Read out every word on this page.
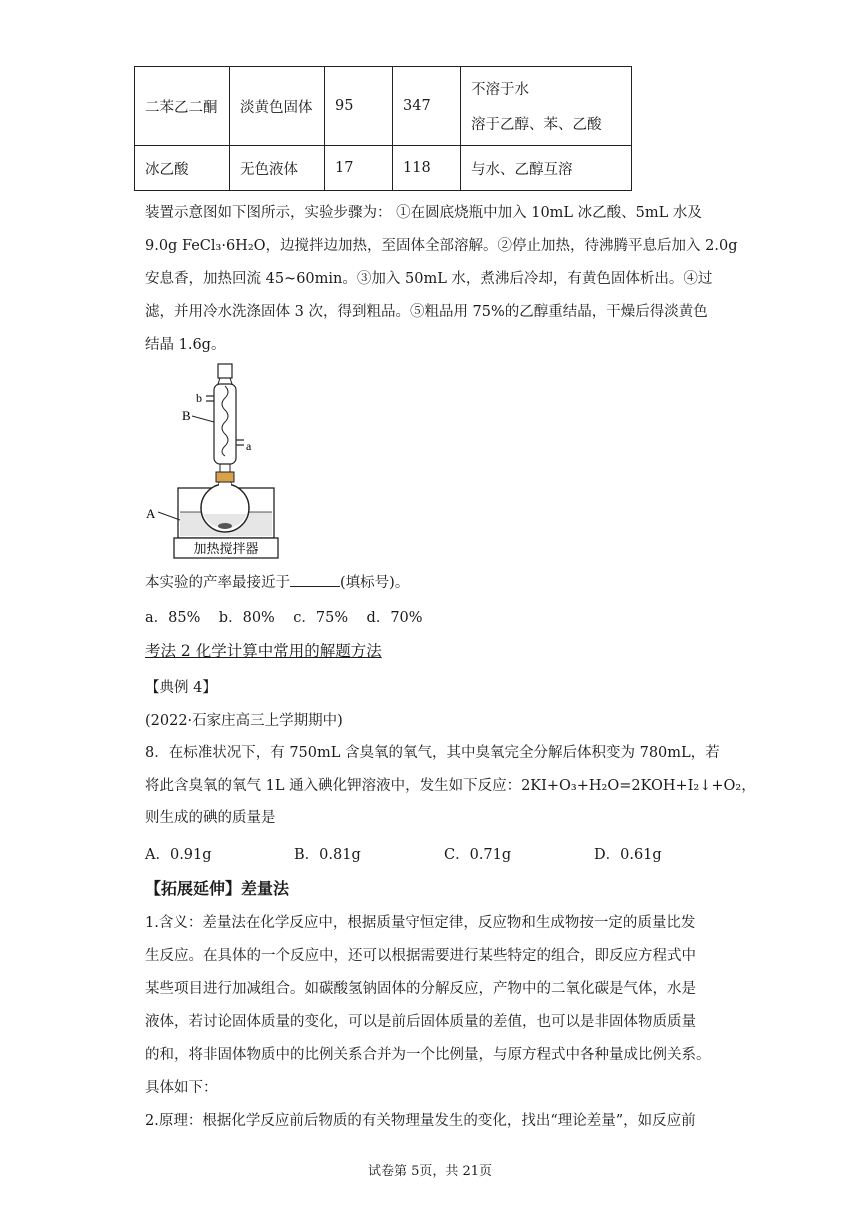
二苯乙二酮	淡黄色固体	95	347	不溶于水
溶于乙醇、苯、乙酸

冰乙酸	无色液体	17	118	与水、乙醇互溶
装置示意图如下图所示，实验步骤为： ①在圆底烧瓶中加入 10mL 冰乙酸、5mL 水及
9.0g FeCl₃·6H₂O，边搅拌边加热，至固体全部溶解。②停止加热，待沸腾平息后加入 2.0g
安息香，加热回流 45~60min。③加入 50mL 水，煮沸后冷却，有黄色固体析出。④过
滤，并用冷水洗涤固体 3 次，得到粗品。⑤粗品用 75%的乙醇重结晶，干燥后得淡黄色
结晶 1.6g。
b
a
B
A
加热搅拌器
本实验的产率最接近于	(填标号)。
a．85%    b．80%    c．75%    d．70%
考法 2 化学计算中常用的解题方法
【典例 4】
(2022·石家庄高三上学期期中)
8．在标准状况下，有 750mL 含臭氧的氧气，其中臭氧完全分解后体积变为 780mL，若
将此含臭氧的氧气 1L 通入碘化钾溶液中，发生如下反应：2KI+O₃+H₂O=2KOH+I₂↓+O₂，
则生成的碘的质量是
A．0.91g	B．0.81g	C．0.71g	D．0.61g
【拓展延伸】差量法
1.含义：差量法在化学反应中，根据质量守恒定律，反应物和生成物按一定的质量比发
生反应。在具体的一个反应中，还可以根据需要进行某些特定的组合，即反应方程式中
某些项目进行加减组合。如碳酸氢钠固体的分解反应，产物中的二氧化碳是气体，水是
液体，若讨论固体质量的变化，可以是前后固体质量的差值，也可以是非固体物质质量
的和，将非固体物质中的比例关系合并为一个比例量，与原方程式中各种量成比例关系。
具体如下：
2.原理：根据化学反应前后物质的有关物理量发生的变化，找出“理论差量”，如反应前
试卷第 5页，共 21页
